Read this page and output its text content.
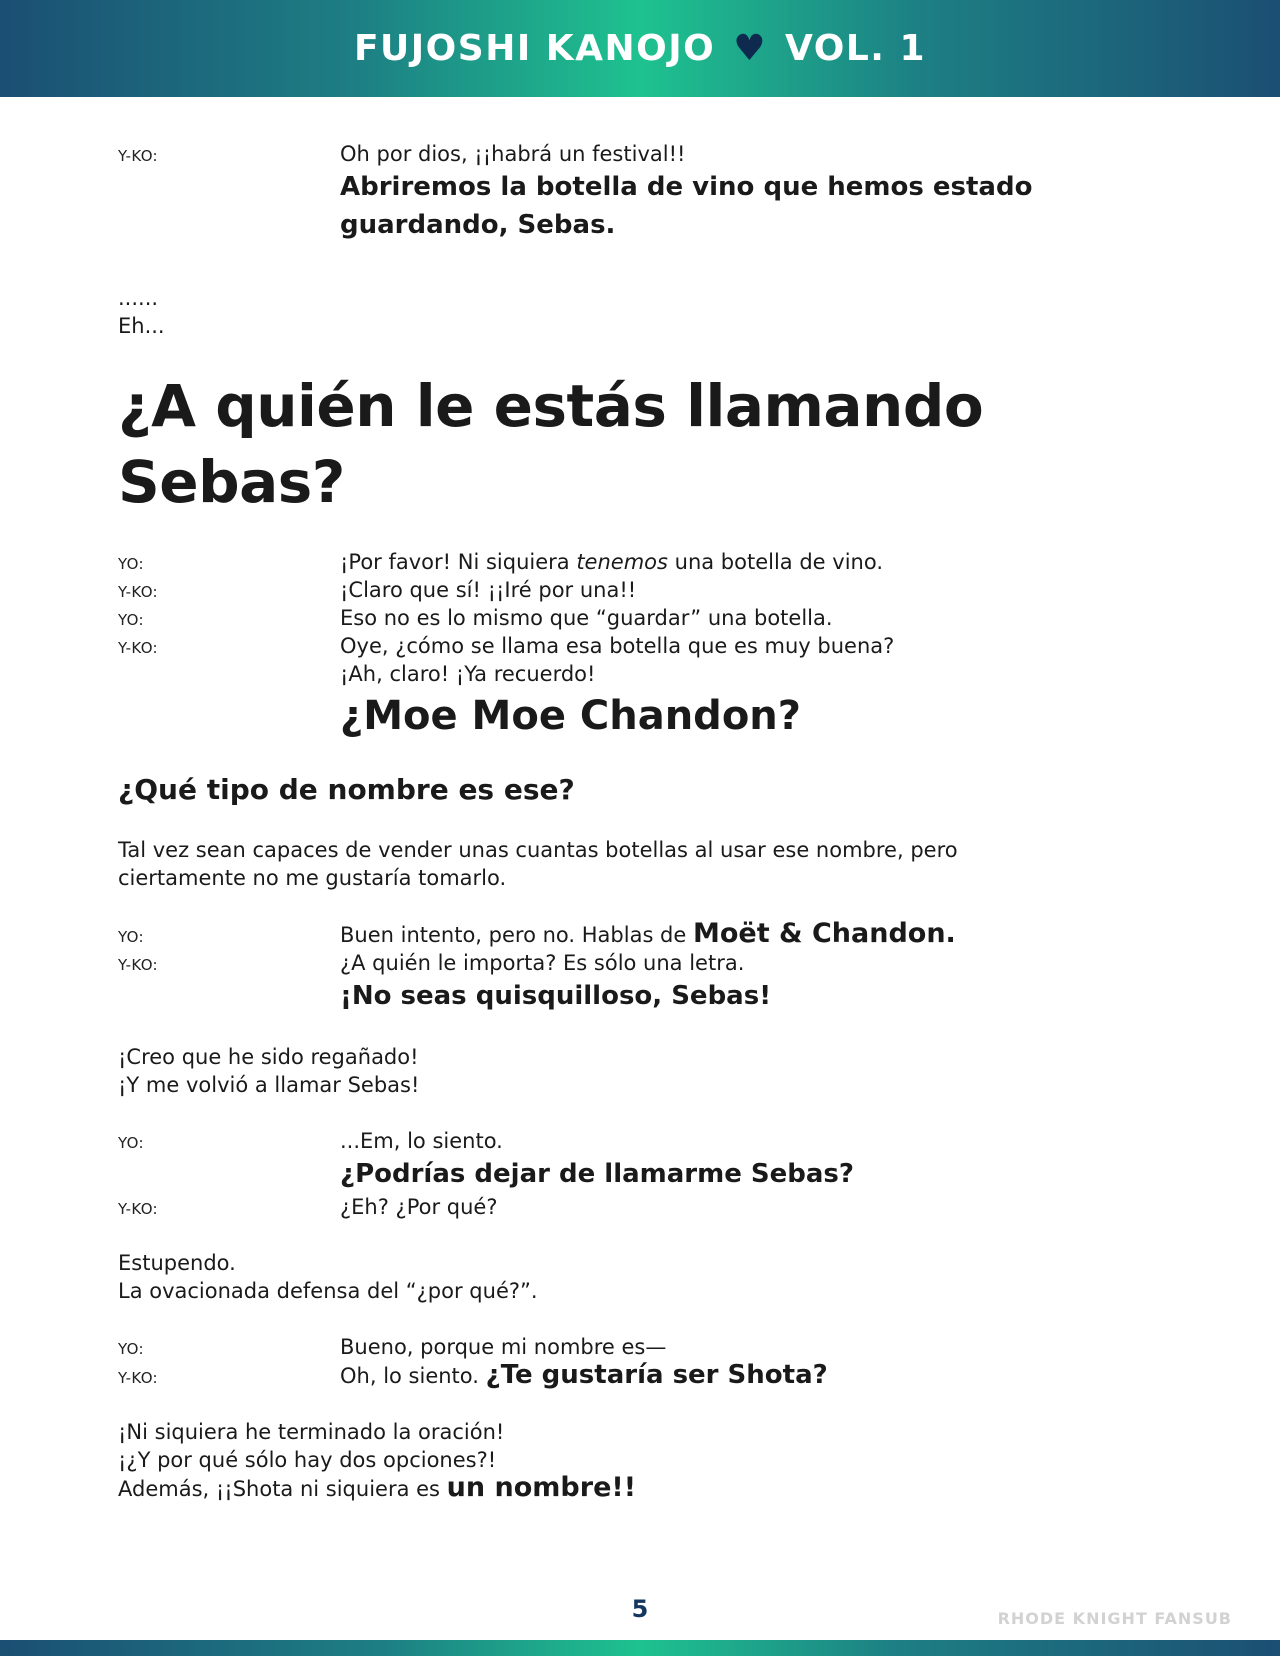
FUJOSHI KANOJO ♥ VOL. 1
Y-KO:	Oh por dios, ¡¡habrá un festival!!
Abriremos la botella de vino que hemos estado guardando, Sebas.
......
Eh...
¿A quién le estás llamando Sebas?
YO:	¡Por favor! Ni siquiera tenemos una botella de vino.
Y-KO:	¡Claro que sí! ¡¡Iré por una!!
YO:	Eso no es lo mismo que “guardar” una botella.
Y-KO:	Oye, ¿cómo se llama esa botella que es muy buena?
¡Ah, claro! ¡Ya recuerdo!
¿Moe Moe Chandon?
¿Qué tipo de nombre es ese?
Tal vez sean capaces de vender unas cuantas botellas al usar ese nombre, pero ciertamente no me gustaría tomarlo.
YO:	Buen intento, pero no. Hablas de Moët & Chandon.
Y-KO:	¿A quién le importa? Es sólo una letra.
¡No seas quisquilloso, Sebas!
¡Creo que he sido regañado!
¡Y me volvió a llamar Sebas!
YO:	...Em, lo siento.
¿Podrías dejar de llamarme Sebas?
Y-KO:	¿Eh? ¿Por qué?
Estupendo.
La ovacionada defensa del “¿por qué?”.
YO:	Bueno, porque mi nombre es—
Y-KO:	Oh, lo siento. ¿Te gustaría ser Shota?
¡Ni siquiera he terminado la oración!
¡¿Y por qué sólo hay dos opciones?!
Además, ¡¡Shota ni siquiera es un nombre!!
5	RHODE KNIGHT FANSUB
